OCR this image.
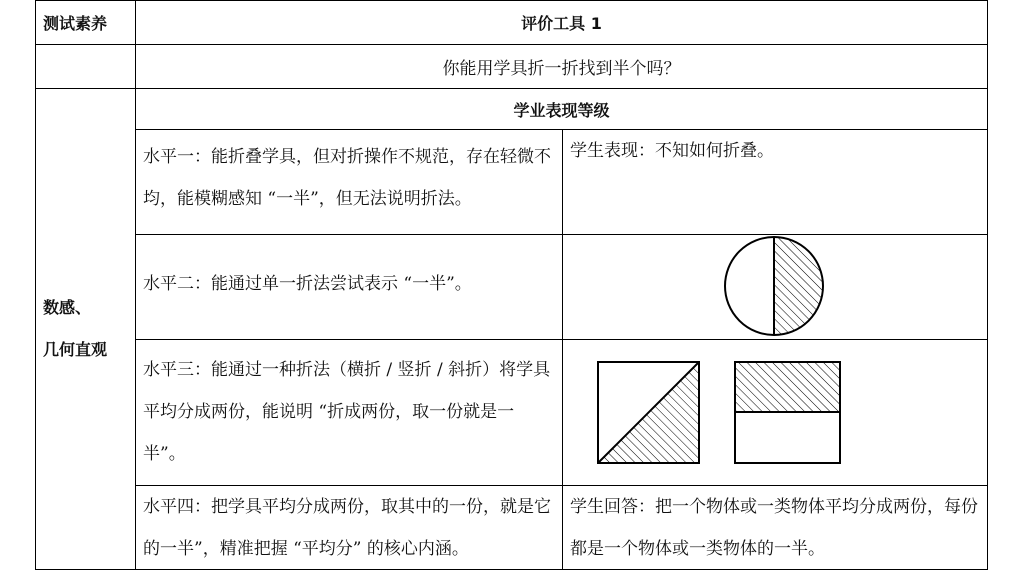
测试素养	评价工具 1
你能用学具折一折找到半个吗？
数感、
几何直观
学业表现等级

水平一：能折叠学具，但对折操作不规范，存在轻微不均，能模糊感知 “一半”，但无法说明折法。

学生表现：不知如何折叠。

水平二：能通过单一折法尝试表示 “一半”。

水平三：能通过一种折法（横折 / 竖折 / 斜折）将学具平均分成两份，能说明 “折成两份，取一份就是一半”。

水平四：把学具平均分成两份，取其中的一份，就是它的一半”，精准把握 “平均分” 的核心内涵。

学生回答：把一个物体或一类物体平均分成两份，每份都是一个物体或一类物体的一半。
